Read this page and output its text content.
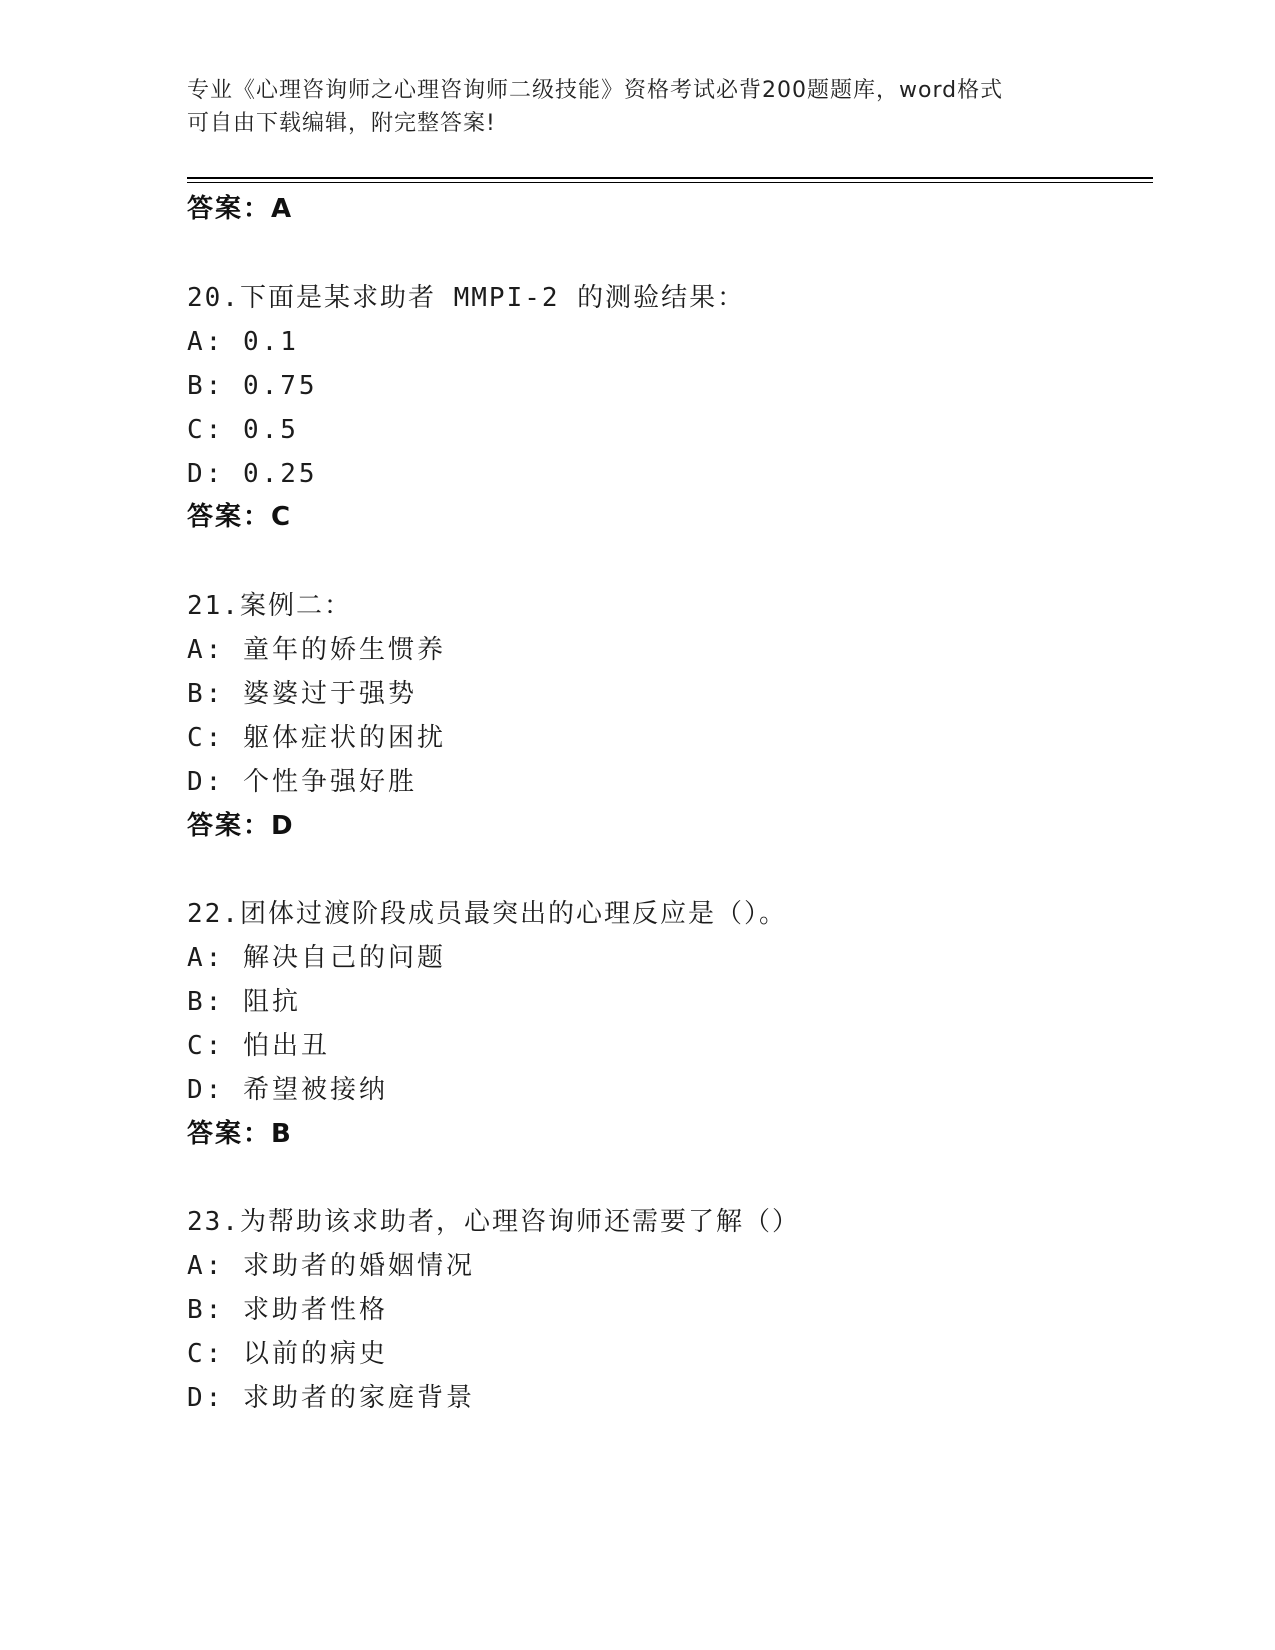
专业《心理咨询师之心理咨询师二级技能》资格考试必背200题题库，word格式
可自由下载编辑，附完整答案!
答案：A
20.下面是某求助者 MMPI-2 的测验结果：
A: 0.1
B: 0.75
C: 0.5
D: 0.25
答案：C
21.案例二：
A: 童年的娇生惯养
B: 婆婆过于强势
C: 躯体症状的困扰
D: 个性争强好胜
答案：D
22.团体过渡阶段成员最突出的心理反应是（）。
A: 解决自己的问题
B: 阻抗
C: 怕出丑
D: 希望被接纳
答案：B
23.为帮助该求助者，心理咨询师还需要了解（）
A: 求助者的婚姻情况
B: 求助者性格
C: 以前的病史
D: 求助者的家庭背景
